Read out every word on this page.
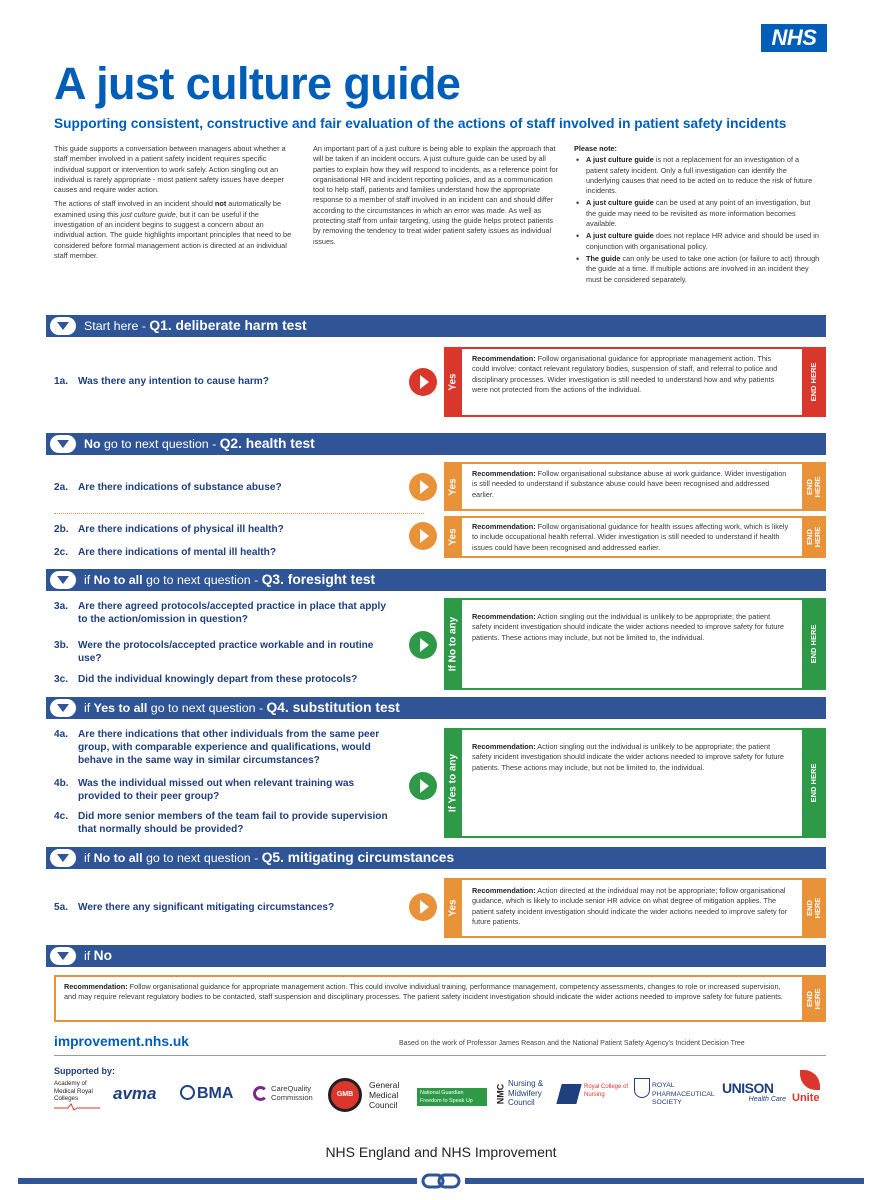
NHS
A just culture guide
Supporting consistent, constructive and fair evaluation of the actions of staff involved in patient safety incidents

This guide supports a conversation between managers about whether a staff member involved in a patient safety incident requires specific individual support or intervention to work safely. Action singling out an individual is rarely appropriate - most patient safety issues have deeper causes and require wider action.

The actions of staff involved in an incident should not automatically be examined using this just culture guide, but it can be useful if the investigation of an incident begins to suggest a concern about an individual action. The guide highlights important principles that need to be considered before formal management action is directed at an individual staff member.

An important part of a just culture is being able to explain the approach that will be taken if an incident occurs. A just culture guide can be used by all parties to explain how they will respond to incidents, as a reference point for organisational HR and incident reporting policies, and as a communication tool to help staff, patients and families understand how the appropriate response to a member of staff involved in an incident can and should differ according to the circumstances in which an error was made. As well as protecting staff from unfair targeting, using the guide helps protect patients by removing the tendency to treat wider patient safety issues as individual issues.

Please note:

• A just culture guide is not a replacement for an investigation of a patient safety incident. Only a full investigation can identify the underlying causes that need to be acted on to reduce the risk of future incidents.
• A just culture guide can be used at any point of an investigation, but the guide may need to be revisited as more information becomes available.
• A just culture guide does not replace HR advice and should be used in conjunction with organisational policy.
• The guide can only be used to take one action (or failure to act) through the guide at a time. If multiple actions are involved in an incident they must be considered separately.
Start here - Q1. deliberate harm test
1a. Was there any intention to cause harm?	Yes
Recommendation: Follow organisational guidance for appropriate management action. This could involve: contact relevant regulatory bodies, suspension of staff, and referral to police and disciplinary processes. Wider investigation is still needed to understand how and why patients were not protected from the actions of the individual.	END HERE
No go to next question - Q2. health test
2a. Are there indications of substance abuse?	Yes
Recommendation: Follow organisational substance abuse at work guidance. Wider investigation is still needed to understand if substance abuse could have been recognised and addressed earlier.	END HERE
2b. Are there indications of physical ill health?
2c. Are there indications of mental ill health?
Yes
Recommendation: Follow organisational guidance for health issues affecting work, which is likely to include occupational health referral. Wider investigation is still needed to understand if health issues could have been recognised and addressed earlier.
END HERE
if No to all go to next question - Q3. foresight test
3a. Are there agreed protocols/accepted practice in place that apply to the action/omission in question?
3b. Were the protocols/accepted practice workable and in routine use?
3c. Did the individual knowingly depart from these protocols?
If No to any
Recommendation: Action singling out the individual is unlikely to be appropriate; the patient safety incident investigation should indicate the wider actions needed to improve safety for future patients. These actions may include, but not be limited to, the individual.	END HERE
if Yes to all go to next question - Q4. substitution test
4a. Are there indications that other individuals from the same peer group, with comparable experience and qualifications, would behave in the same way in similar circumstances?
4b. Was the individual missed out when relevant training was provided to their peer group?
4c. Did more senior members of the team fail to provide supervision that normally should be provided?
If Yes to any
Recommendation: Action singling out the individual is unlikely to be appropriate; the patient safety incident investigation should indicate the wider actions needed to improve safety for future patients. These actions may include, but not be limited to, the individual.	END HERE
if No to all go to next question - Q5. mitigating circumstances
5a. Were there any significant mitigating circumstances?	Yes
Recommendation: Action directed at the individual may not be appropriate; follow organisational guidance, which is likely to include senior HR advice on what degree of mitigation applies. The patient safety incident investigation should indicate the wider actions needed to improve safety for future patients.
END HERE
if No
Recommendation: Follow organisational guidance for appropriate management action. This could involve individual training, performance management, competency assessments, changes to role or increased supervision, and may require relevant regulatory bodies to be contacted, staff suspension and disciplinary processes. The patient safety incident investigation should indicate the wider actions needed to improve safety for future patients.	END HERE
improvement.nhs.uk	Based on the work of Professor James Reason and the National Patient Safety Agency's Incident Decision Tree
Supported by:
Academy of Medical Royal Colleges	avma	BMA	CareQuality Commission	GMB
General Medical Council
National Guardian Freedom to Speak Up	NMC
Nursing & Midwifery Council
Royal College of Nursing
ROYAL PHARMACEUTICAL SOCIETY
UNISON
Health Care Unite
NHS England and NHS Improvement
